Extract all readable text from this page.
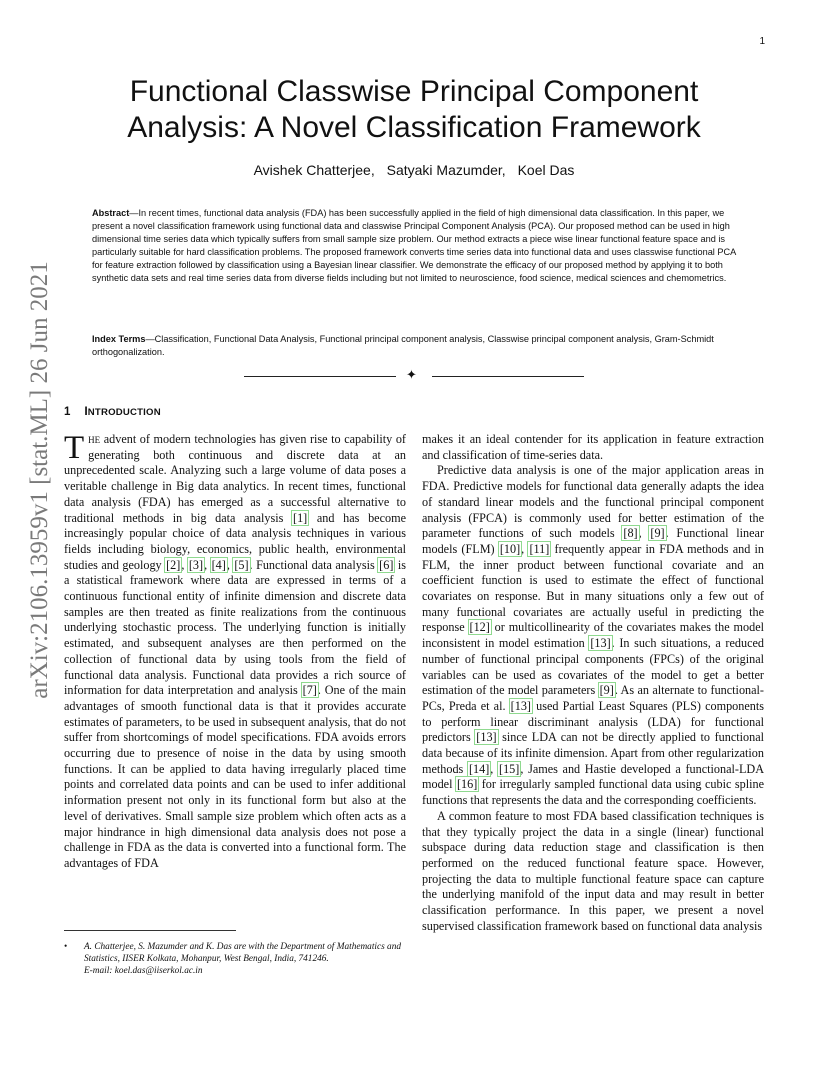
1
arXiv:2106.13959v1 [stat.ML] 26 Jun 2021
Functional Classwise Principal Component
Analysis: A Novel Classification Framework
Avishek Chatterjee, Satyaki Mazumder, Koel Das
Abstract—In recent times, functional data analysis (FDA) has been successfully applied in the field of high dimensional data classification. In this paper, we present a novel classification framework using functional data and classwise Principal Component Analysis (PCA). Our proposed method can be used in high dimensional time series data which typically suffers from small sample size problem. Our method extracts a piece wise linear functional feature space and is particularly suitable for hard classification problems. The proposed framework converts time series data into functional data and uses classwise functional PCA for feature extraction followed by classification using a Bayesian linear classifier. We demonstrate the efficacy of our proposed method by applying it to both synthetic data sets and real time series data from diverse fields including but not limited to neuroscience, food science, medical sciences and chemometrics.
Index Terms—Classification, Functional Data Analysis, Functional principal component analysis, Classwise principal component analysis, Gram-Schmidt orthogonalization.
✦
1 INTRODUCTION

The advent of modern technologies has given rise to capability of generating both continuous and discrete data at an unprecedented scale. Analyzing such a large volume of data poses a veritable challenge in Big data analytics. In recent times, functional data analysis (FDA) has emerged as a successful alternative to traditional methods in big data analysis [1] and has become increasingly popular choice of data analysis techniques in various fields including biology, economics, public health, environmental studies and geology [2], [3], [4], [5]. Functional data analysis [6] is a statistical framework where data are expressed in terms of a continuous functional entity of infinite dimension and discrete data samples are then treated as finite realizations from the continuous underlying stochastic process. The underlying function is initially estimated, and subsequent analyses are then performed on the collection of functional data by using tools from the field of functional data analysis. Functional data provides a rich source of information for data interpretation and analysis [7]. One of the main advantages of smooth functional data is that it provides accurate estimates of parameters, to be used in subsequent analysis, that do not suffer from shortcomings of model specifications. FDA avoids errors occurring due to presence of noise in the data by using smooth functions. It can be applied to data having irregularly placed time points and correlated data points and can be used to infer additional information present not only in its functional form but also at the level of derivatives. Small sample size problem which often acts as a major hindrance in high dimensional data analysis does not pose a challenge in FDA as the data is converted into a functional form. The advantages of FDA

makes it an ideal contender for its application in feature extraction and classification of time-series data.

Predictive data analysis is one of the major application areas in FDA. Predictive models for functional data generally adapts the idea of standard linear models and the functional principal component analysis (FPCA) is commonly used for better estimation of the parameter functions of such models [8], [9]. Functional linear models (FLM) [10], [11] frequently appear in FDA methods and in FLM, the inner product between functional covariate and an coefficient function is used to estimate the effect of functional covariates on response. But in many situations only a few out of many functional covariates are actually useful in predicting the response [12] or multicollinearity of the covariates makes the model inconsistent in model estimation [13]. In such situations, a reduced number of functional principal components (FPCs) of the original variables can be used as covariates of the model to get a better estimation of the model parameters [9]. As an alternate to functional-PCs, Preda et al. [13] used Partial Least Squares (PLS) components to perform linear discriminant analysis (LDA) for functional predictors [13] since LDA can not be directly applied to functional data because of its infinite dimension. Apart from other regularization methods [14], [15], James and Hastie developed a functional-LDA model [16] for irregularly sampled functional data using cubic spline functions that represents the data and the corresponding coefficients.

A common feature to most FDA based classification techniques is that they typically project the data in a single (linear) functional subspace during data reduction stage and classification is then performed on the reduced functional feature space. However, projecting the data to multiple functional feature space can capture the underlying manifold of the input data and may result in better classification performance. In this paper, we present a novel supervised classification framework based on functional data analysis

• A. Chatterjee, S. Mazumder and K. Das are with the Department of Mathematics and Statistics, IISER Kolkata, Mohanpur, West Bengal, India, 741246.
E-mail: koel.das@iiserkol.ac.in
